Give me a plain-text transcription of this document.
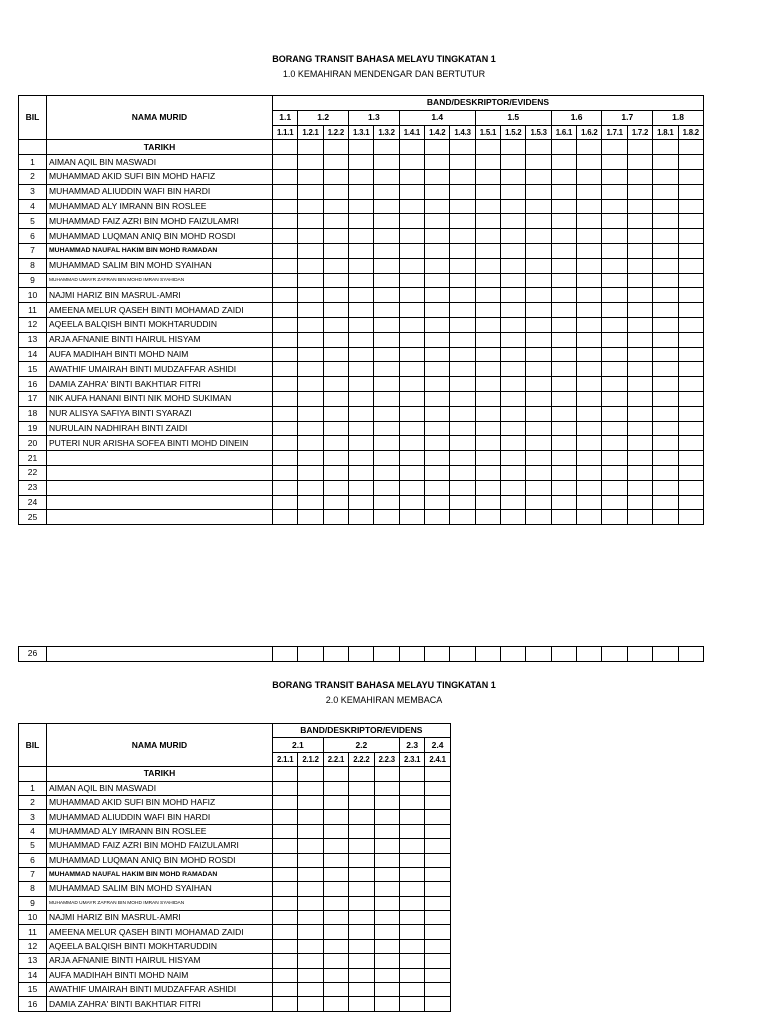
BORANG TRANSIT BAHASA MELAYU TINGKATAN 1
1.0 KEMAHIRAN MENDENGAR DAN BERTUTUR
BIL	NAMA MURID	BAND/DESKRIPTOR/EVIDENS																
		1.1	1.2		1.3		1.4			1.5			1.6		1.7		1.8	
		1.1.1	1.2.1	1.2.2	1.3.1	1.3.2	1.4.1	1.4.2	1.4.3	1.5.1	1.5.2	1.5.3	1.6.1	1.6.2	1.7.1	1.7.2	1.8.1	1.8.2
	TARIKH																	
1	AIMAN AQIL BIN MASWADI																	
2	MUHAMMAD AKID SUFI BIN MOHD HAFIZ																	
3	MUHAMMAD ALIUDDIN WAFI BIN HARDI																	
4	MUHAMMAD ALY IMRANN BIN ROSLEE																	
5	MUHAMMAD FAIZ AZRI BIN MOHD FAIZULAMRI																	
6	MUHAMMAD LUQMAN ANIQ BIN MOHD ROSDI																	
7	MUHAMMAD NAUFAL HAKIM BIN MOHD RAMADAN																	
8	MUHAMMAD SALIM BIN MOHD SYAIHAN																	
9	MUHAMMAD UMAYR ZAFRAN BIN MOHD IMRAN SYAHIDAN																	
10	NAJMI HARIZ BIN MASRUL-AMRI																	
11	AMEENA MELUR QASEH BINTI MOHAMAD ZAIDI																	
12	AQEELA BALQISH BINTI MOKHTARUDDIN																	
13	ARJA AFNANIE BINTI HAIRUL HISYAM																	
14	AUFA MADIHAH BINTI MOHD NAIM																	
15	AWATHIF UMAIRAH BINTI MUDZAFFAR ASHIDI																	
16	DAMIA ZAHRA' BINTI BAKHTIAR FITRI																	
17	NIK AUFA HANANI BINTI NIK MOHD SUKIMAN																	
18	NUR ALISYA SAFIYA BINTI SYARAZI																	
19	NURULAIN NADHIRAH BINTI ZAIDI																	
20	PUTERI NUR ARISHA SOFEA BINTI MOHD DINEIN																	
21																		
22																		
23																		
24																		
25																		
26																		
BORANG TRANSIT BAHASA MELAYU TINGKATAN 1
2.0 KEMAHIRAN MEMBACA
BIL	NAMA MURID	BAND/DESKRIPTOR/EVIDENS						
		2.1		2.2			2.3	2.4
		2.1.1	2.1.2	2.2.1	2.2.2	2.2.3	2.3.1	2.4.1
	TARIKH							
1	AIMAN AQIL BIN MASWADI							
2	MUHAMMAD AKID SUFI BIN MOHD HAFIZ							
3	MUHAMMAD ALIUDDIN WAFI BIN HARDI							
4	MUHAMMAD ALY IMRANN BIN ROSLEE							
5	MUHAMMAD FAIZ AZRI BIN MOHD FAIZULAMRI							
6	MUHAMMAD LUQMAN ANIQ BIN MOHD ROSDI							
7	MUHAMMAD NAUFAL HAKIM BIN MOHD RAMADAN							
8	MUHAMMAD SALIM BIN MOHD SYAIHAN							
9	MUHAMMAD UMAYR ZAFRAN BIN MOHD IMRAN SYAHIDAN							
10	NAJMI HARIZ BIN MASRUL-AMRI							
11	AMEENA MELUR QASEH BINTI MOHAMAD ZAIDI							
12	AQEELA BALQISH BINTI MOKHTARUDDIN							
13	ARJA AFNANIE BINTI HAIRUL HISYAM							
14	AUFA MADIHAH BINTI MOHD NAIM							
15	AWATHIF UMAIRAH BINTI MUDZAFFAR ASHIDI							
16	DAMIA ZAHRA' BINTI BAKHTIAR FITRI							
